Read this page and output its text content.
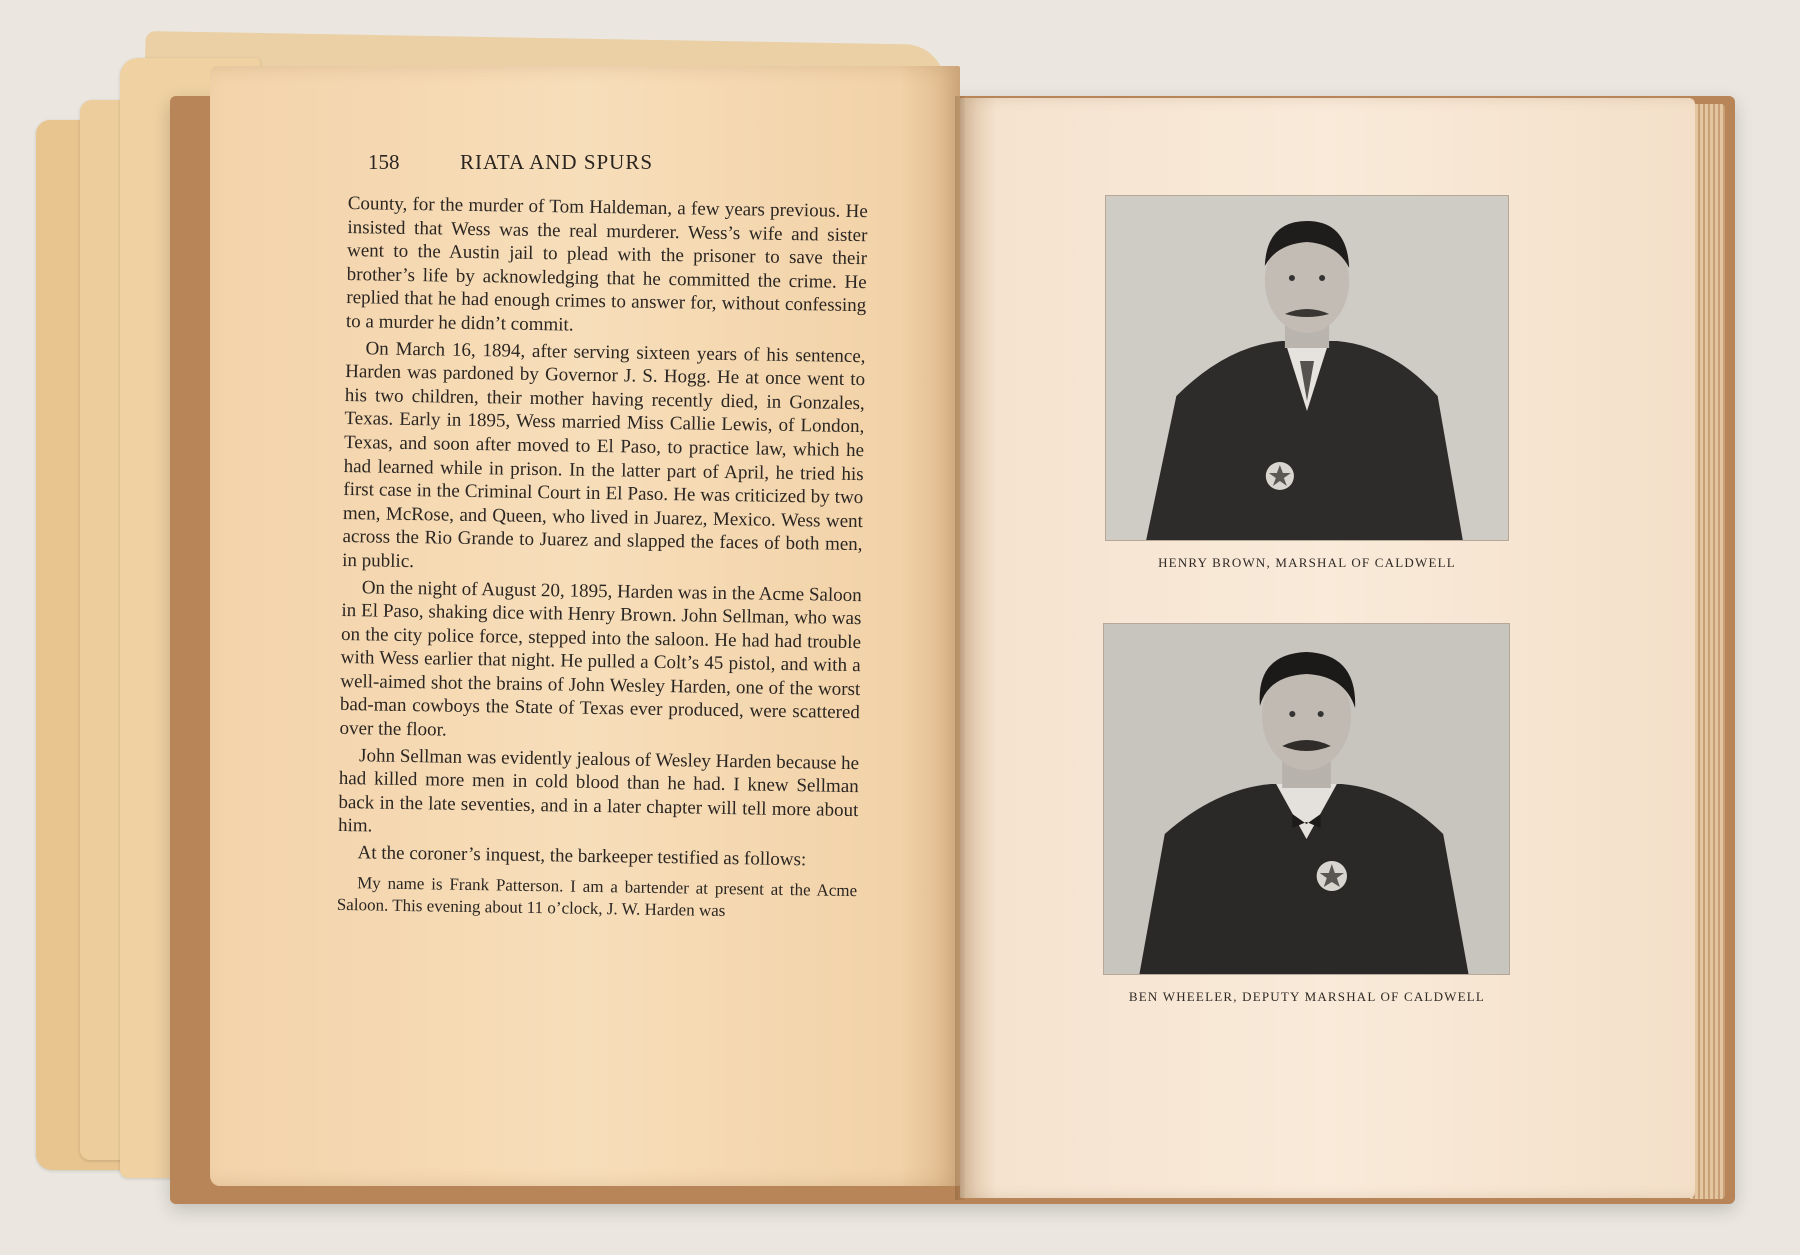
158	RIATA AND SPURS

County, for the murder of Tom Haldeman, a few years previous. He insisted that Wess was the real murderer. Wess’s wife and sister went to the Austin jail to plead with the prisoner to save their brother’s life by acknowledging that he committed the crime. He replied that he had enough crimes to answer for, without confessing to a murder he didn’t commit.

On March 16, 1894, after serving sixteen years of his sentence, Harden was pardoned by Governor J. S. Hogg. He at once went to his two children, their mother having recently died, in Gonzales, Texas. Early in 1895, Wess married Miss Callie Lewis, of London, Texas, and soon after moved to El Paso, to practice law, which he had learned while in prison. In the latter part of April, he tried his first case in the Criminal Court in El Paso. He was criticized by two men, McRose, and Queen, who lived in Juarez, Mexico. Wess went across the Rio Grande to Juarez and slapped the faces of both men, in public.

On the night of August 20, 1895, Harden was in the Acme Saloon in El Paso, shaking dice with Henry Brown. John Sellman, who was on the city police force, stepped into the saloon. He had had trouble with Wess earlier that night. He pulled a Colt’s 45 pistol, and with a well-aimed shot the brains of John Wesley Harden, one of the worst bad-man cowboys the State of Texas ever produced, were scattered over the floor.

John Sellman was evidently jealous of Wesley Harden because he had killed more men in cold blood than he had. I knew Sellman back in the late seventies, and in a later chapter will tell more about him.

At the coroner’s inquest, the barkeeper testified as follows:

My name is Frank Patterson. I am a bartender at present at the Acme Saloon. This evening about 11 o’clock, J. W. Harden was

HENRY BROWN, MARSHAL OF CALDWELL
BEN WHEELER, DEPUTY MARSHAL OF CALDWELL
